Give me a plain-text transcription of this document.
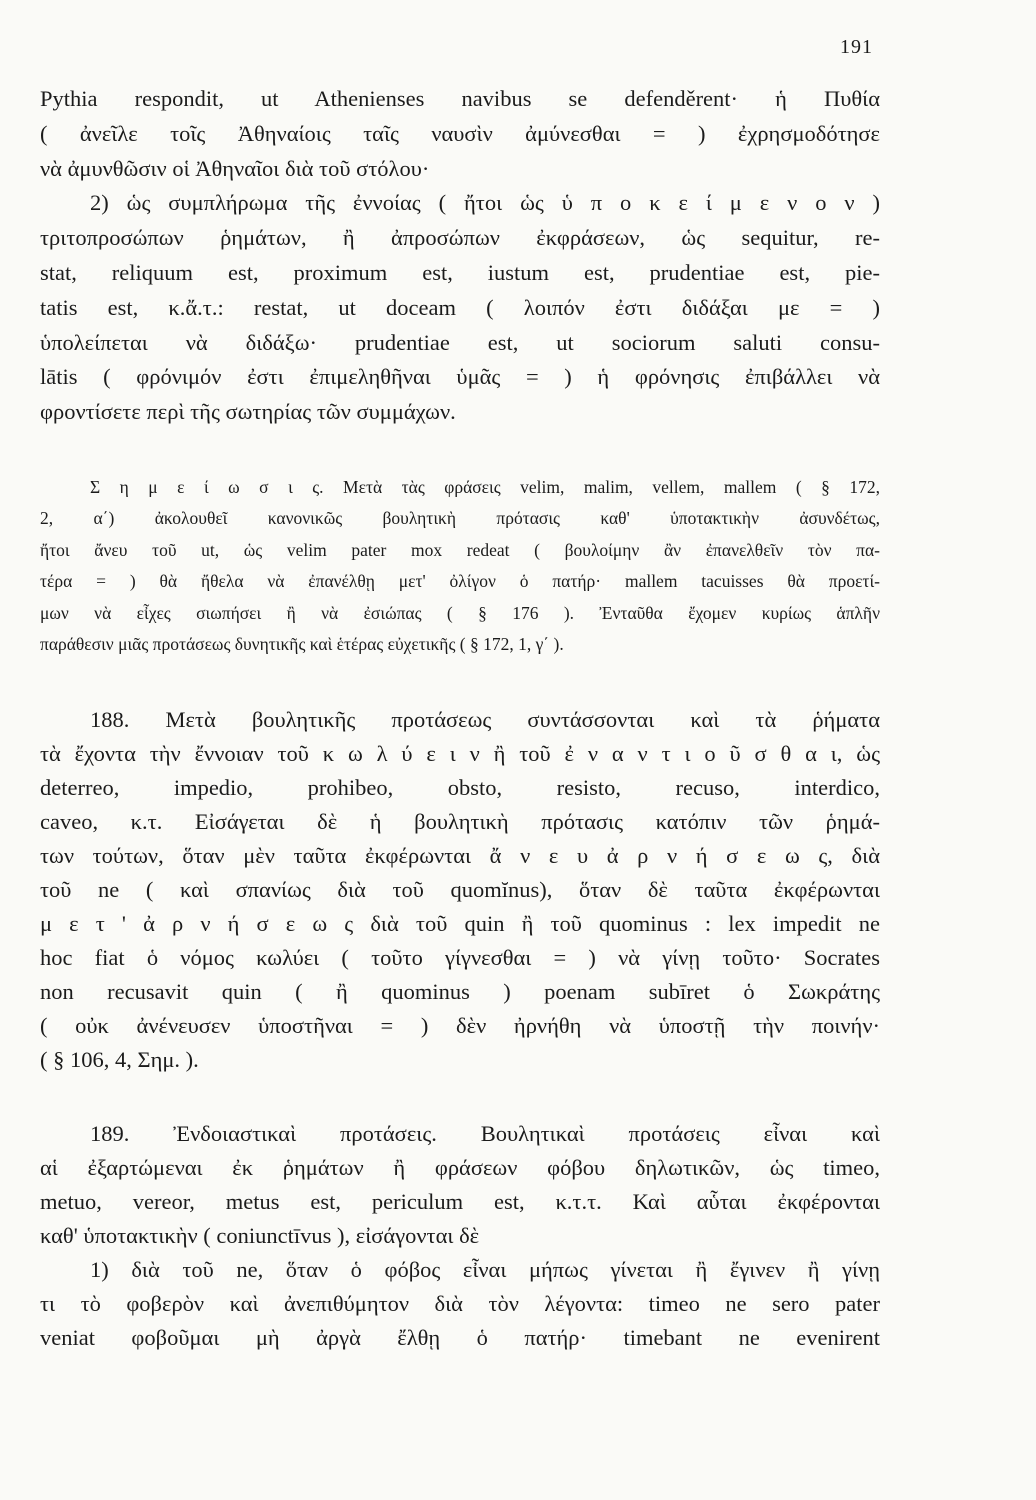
191
Pythia respondit, ut Athenienses navibus se defenděrent· ἡ Πυθία
( ἀνεῖλε τοῖς Ἀθηναίοις ταῖς ναυσὶν ἀμύνεσθαι = ) ἐχρησμοδότησε
νὰ ἀμυνθῶσιν οἱ Ἀθηναῖοι διὰ τοῦ στόλου·
2) ὡς συμπλήρωμα τῆς ἐννοίας ( ἤτοι ὡς ὑ π ο κ ε ί μ ε ν ο ν )
τριτοπροσώπων ῥημάτων, ἢ ἀπροσώπων ἐκφράσεων, ὡς sequitur, re-
stat, reliquum est, proximum est, iustum est, prudentiae est, pie-
tatis est, κ.ἄ.τ.: restat, ut doceam ( λοιπόν ἐστι διδάξαι με = )
ὑπολείπεται νὰ διδάξω· prudentiae est, ut sociorum saluti consu-
lātis ( φρόνιμόν ἐστι ἐπιμεληθῆναι ὑμᾶς = ) ἡ φρόνησις ἐπιβάλλει νὰ
φροντίσετε περὶ τῆς σωτηρίας τῶν συμμάχων.
Σ η μ ε ί ω σ ι ς. Μετὰ τὰς φράσεις velim, malim, vellem, mallem ( § 172,
2, α΄) ἀκολουθεῖ κανονικῶς βουλητικὴ πρότασις καθ' ὑποτακτικὴν ἀσυνδέτως,
ἤτοι ἄνευ τοῦ ut, ὡς velim pater mox redeat ( βουλοίμην ἂν ἐπανελθεῖν τὸν πα-
τέρα = ) θὰ ἤθελα νὰ ἐπανέλθῃ μετ' ὀλίγον ὁ πατήρ· mallem tacuisses θὰ προετί-
μων νὰ εἶχες σιωπήσει ἢ νὰ ἐσιώπας ( § 176 ). Ἐνταῦθα ἔχομεν κυρίως ἁπλῆν
παράθεσιν μιᾶς προτάσεως δυνητικῆς καὶ ἑτέρας εὐχετικῆς ( § 172, 1, γ΄ ).
188. Μετὰ βουλητικῆς προτάσεως συντάσσονται καὶ τὰ ῥήματα
τὰ ἔχοντα τὴν ἔννοιαν τοῦ κ ω λ ύ ε ι ν ἢ τοῦ ἐ ν α ν τ ι ο ῦ σ θ α ι, ὡς
deterreo, impedio, prohibeo, obsto, resisto, recuso, interdico,
caveo, κ.τ. Εἰσάγεται δὲ ἡ βουλητικὴ πρότασις κατόπιν τῶν ῥημά-
των τούτων, ὅταν μὲν ταῦτα ἐκφέρωνται ἄ ν ε υ ἀ ρ ν ή σ ε ω ς, διὰ
τοῦ ne ( καὶ σπανίως διὰ τοῦ quomĭnus), ὅταν δὲ ταῦτα ἐκφέρωνται
μ ε τ ' ἀ ρ ν ή σ ε ω ς διὰ τοῦ quin ἢ τοῦ quominus : lex impedit ne
hoc fiat ὁ νόμος κωλύει ( τοῦτο γίγνεσθαι = ) νὰ γίνῃ τοῦτο· Socrates
non recusavit quin ( ἢ quominus ) poenam subīret ὁ Σωκράτης
( οὐκ ἀνένευσεν ὑποστῆναι = ) δὲν ἠρνήθη νὰ ὑποστῇ τὴν ποινήν·
( § 106, 4, Σημ. ).
189. Ἐνδοιαστικαὶ προτάσεις. Βουλητικαὶ προτάσεις εἶναι καὶ
αἱ ἐξαρτώμεναι ἐκ ῥημάτων ἢ φράσεων φόβου δηλωτικῶν, ὡς timeo,
metuo, vereor, metus est, periculum est, κ.τ.τ. Καὶ αὗται ἐκφέρονται
καθ' ὑποτακτικὴν ( coniunctīvus ), εἰσάγονται δὲ
1) διὰ τοῦ ne, ὅταν ὁ φόβος εἶναι μήπως γίνεται ἢ ἔγινεν ἢ γίνῃ
τι τὸ φοβερὸν καὶ ἀνεπιθύμητον διὰ τὸν λέγοντα: timeo ne sero pater
veniat φοβοῦμαι μὴ ἀργὰ ἔλθῃ ὁ πατήρ· timebant ne evenirent
